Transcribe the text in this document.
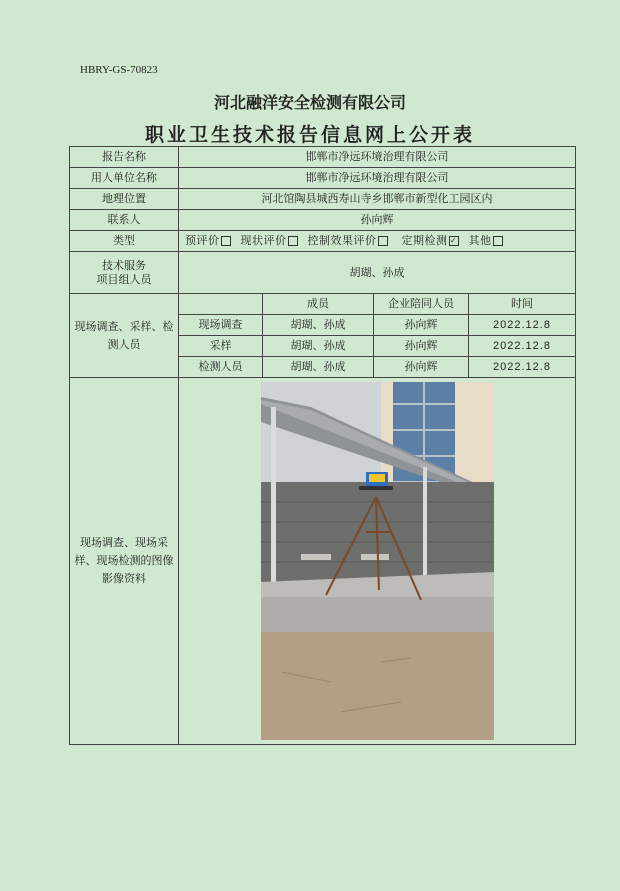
HBRY-GS-70823
河北融洋安全检测有限公司
职业卫生技术报告信息网上公开表
报告名称	邯郸市净远环境治理有限公司			
用人单位名称	邯郸市净远环境治理有限公司			
地理位置	河北馆陶县城西寿山寺乡邯郸市新型化工园区内			
联系人	孙向辉			
类型	预评价 现状评价 控制效果评价 定期检测 ✓ 其他			

技术服务
项目组人员	胡瑚、孙成			
现场调查、采样、检测人员		成员	企业陪同人员	时间
	现场调查	胡瑚、孙成	孙向辉	2022.12.8
	采样	胡瑚、孙成	孙向辉	2022.12.8
	检测人员	胡瑚、孙成	孙向辉	2022.12.8
现场调查、现场采样、现场检测的图像影像资料	
